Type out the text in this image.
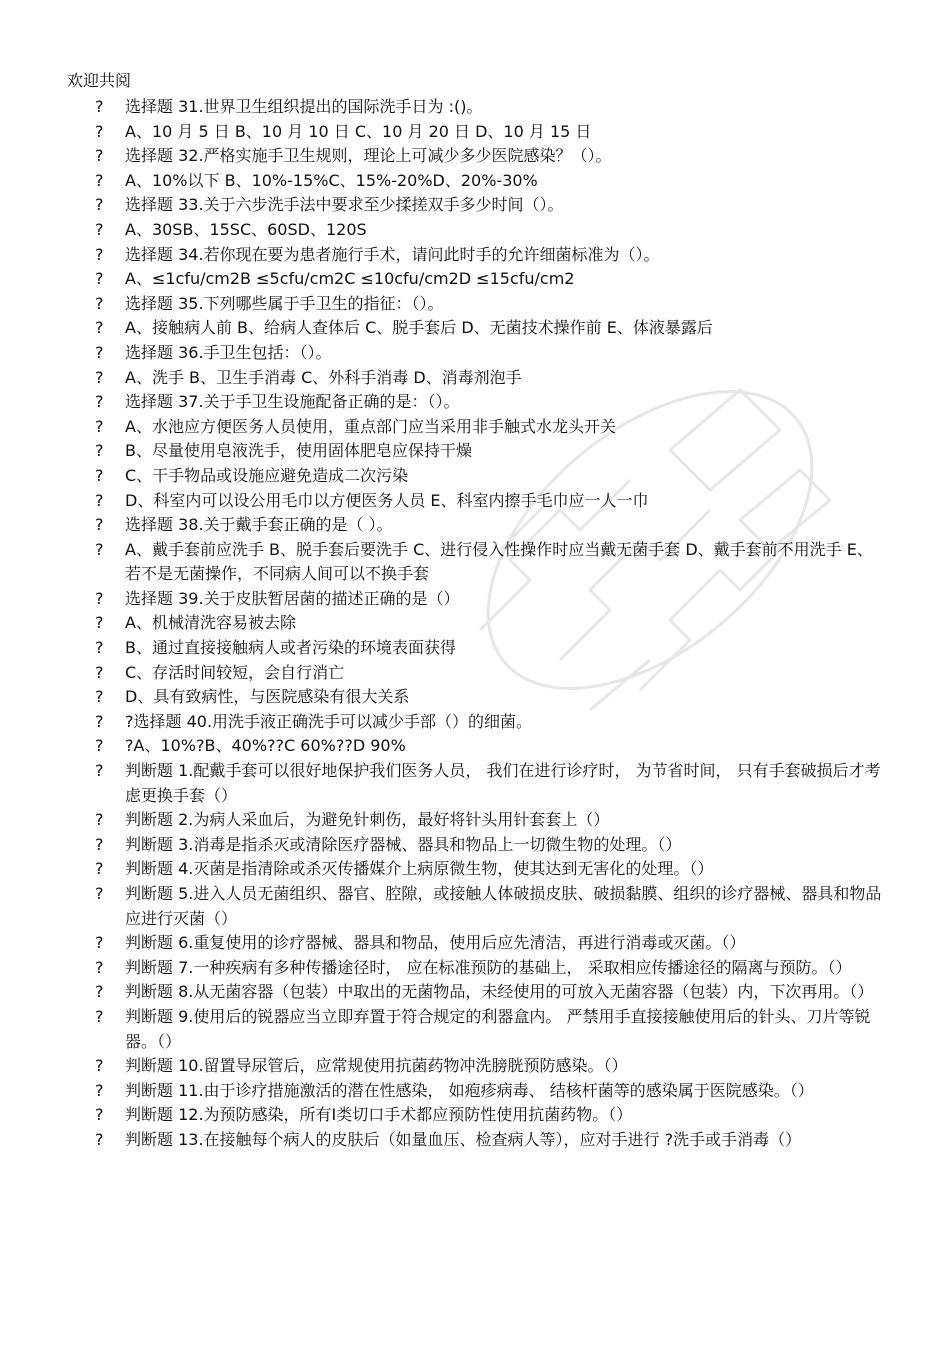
欢迎共阅
? 选择题 31.世界卫生组织提出的国际洗手日为 :()。
? A、10 月 5 日 B、10 月 10 日 C、10 月 20 日 D、10 月 15 日
? 选择题 32.严格实施手卫生规则，理论上可减少多少医院感染？（）。
? A、10%以下 B、10%-15%C、15%-20%D、20%-30%
? 选择题 33.关于六步洗手法中要求至少揉搓双手多少时间（）。
? A、30SB、15SC、60SD、120S
? 选择题 34.若你现在要为患者施行手术，请问此时手的允许细菌标准为（）。
? A、≤1cfu/cm2B ≤5cfu/cm2C ≤10cfu/cm2D ≤15cfu/cm2
? 选择题 35.下列哪些属于手卫生的指征：（）。
? A、接触病人前 B、给病人查体后 C、脱手套后 D、无菌技术操作前 E、体液暴露后
? 选择题 36.手卫生包括：（）。
? A、洗手 B、卫生手消毒 C、外科手消毒 D、消毒剂泡手
? 选择题 37.关于手卫生设施配备正确的是：（）。
? A、水池应方便医务人员使用，重点部门应当采用非手触式水龙头开关
? B、尽量使用皂液洗手，使用固体肥皂应保持干燥
? C、干手物品或设施应避免造成二次污染
? D、科室内可以设公用毛巾以方便医务人员 E、科室内擦手毛巾应一人一巾
? 选择题 38.关于戴手套正确的是（ ）。
? A、戴手套前应洗手 B、脱手套后要洗手 C、进行侵入性操作时应当戴无菌手套 D、戴手套前不用洗手 E、若不是无菌操作，不同病人间可以不换手套
? 选择题 39.关于皮肤暂居菌的描述正确的是（）
? A、机械清洗容易被去除
? B、通过直接接触病人或者污染的环境表面获得
? C、存活时间较短，会自行消亡
? D、具有致病性，与医院感染有很大关系
? ?选择题 40.用洗手液正确洗手可以减少手部（）的细菌。
? ?A、10%?B、40%??C 60%??D 90%
? 判断题 1.配戴手套可以很好地保护我们医务人员， 我们在进行诊疗时， 为节省时间， 只有手套破损后才考虑更换手套（）
? 判断题 2.为病人采血后，为避免针刺伤，最好将针头用针套套上（）
? 判断题 3.消毒是指杀灭或清除医疗器械、器具和物品上一切微生物的处理。（）
? 判断题 4.灭菌是指清除或杀灭传播媒介上病原微生物，使其达到无害化的处理。（）
? 判断题 5.进入人员无菌组织、器官、腔隙，或接触人体破损皮肤、破损黏膜、组织的诊疗器械、器具和物品应进行灭菌（）
? 判断题 6.重复使用的诊疗器械、器具和物品，使用后应先清洁，再进行消毒或灭菌。（）
? 判断题 7.一种疾病有多种传播途径时， 应在标准预防的基础上， 采取相应传播途径的隔离与预防。（）
? 判断题 8.从无菌容器（包装）中取出的无菌物品，未经使用的可放入无菌容器（包装）内，下次再用。（）
? 判断题 9.使用后的锐器应当立即弃置于符合规定的利器盒内。 严禁用手直接接触使用后的针头、刀片等锐器。（）
? 判断题 10.留置导尿管后，应常规使用抗菌药物冲洗膀胱预防感染。（）
? 判断题 11.由于诊疗措施激活的潜在性感染， 如疱疹病毒、 结核杆菌等的感染属于医院感染。（）
? 判断题 12.为预防感染，所有Ⅰ类切口手术都应预防性使用抗菌药物。（）
? 判断题 13.在接触每个病人的皮肤后（如量血压、检查病人等），应对手进行 ?洗手或手消毒（）
